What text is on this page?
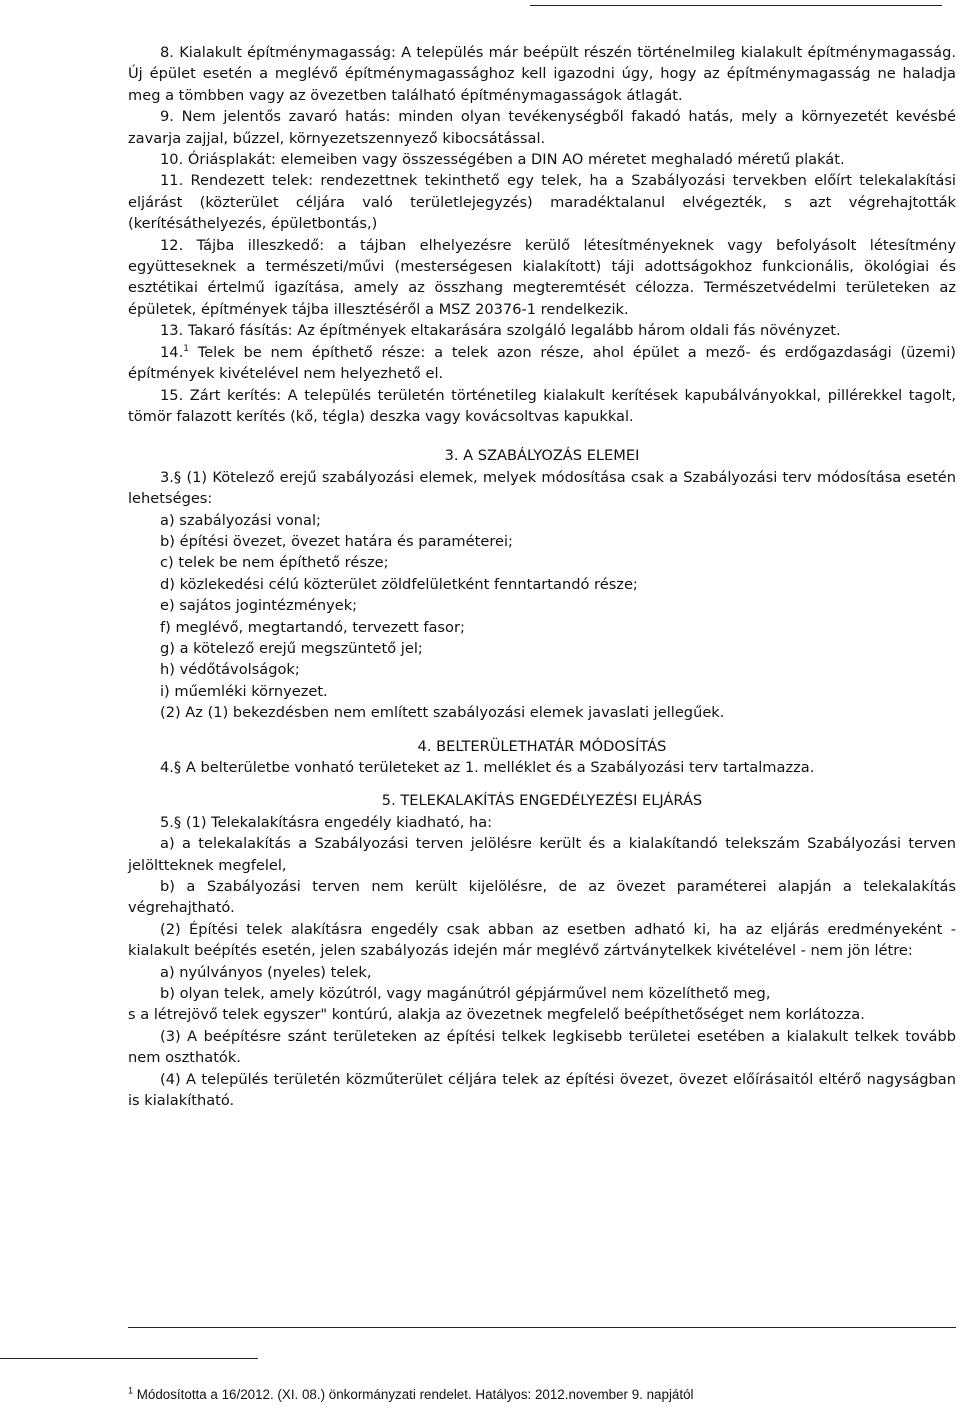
8. Kialakult építménymagasság: A település már beépült részén történelmileg kialakult építménymagasság. Új épület esetén a meglévő építménymagassághoz kell igazodni úgy, hogy az építménymagasság ne haladja meg a tömbben vagy az övezetben található építménymagasságok átlagát.

9. Nem jelentős zavaró hatás: minden olyan tevékenységből fakadó hatás, mely a környezetét kevésbé zavarja zajjal, bűzzel, környezetszennyező kibocsátással.

10. Óriásplakát: elemeiben vagy összességében a DIN AO méretet meghaladó méretű plakát.

11. Rendezett telek: rendezettnek tekinthető egy telek, ha a Szabályozási tervekben előírt telekalakítási eljárást (közterület céljára való területlejegyzés) maradéktalanul elvégezték, s azt végrehajtották (kerítésáthelyezés, épületbontás,)

12. Tájba illeszkedő: a tájban elhelyezésre kerülő létesítményeknek vagy befolyásolt létesítmény együtteseknek a természeti/művi (mesterségesen kialakított) táji adottságokhoz funkcionális, ökológiai és esztétikai értelmű igazítása, amely az összhang megteremtését célozza. Természetvédelmi területeken az épületek, építmények tájba illesztéséről a MSZ 20376-1 rendelkezik.

13. Takaró fásítás: Az építmények eltakarására szolgáló legalább három oldali fás növényzet.

14.$^1$ Telek be nem építhető része: a telek azon része, ahol épület a mező- és erdőgazdasági (üzemi) építmények kivételével nem helyezhető el.

15. Zárt kerítés: A település területén történetileg kialakult kerítések kapubálványokkal, pillérekkel tagolt, tömör falazott kerítés (kő, tégla) deszka vagy kovácsoltvas kapukkal.

3. A SZABÁLYOZÁS ELEMEI

3.§ (1) Kötelező erejű szabályozási elemek, melyek módosítása csak a Szabályozási terv módosítása esetén lehetséges:

a) szabályozási vonal;

b) építési övezet, övezet határa és paraméterei;

c) telek be nem építhető része;

d) közlekedési célú közterület zöldfelületként fenntartandó része;

e) sajátos jogintézmények;

f) meglévő, megtartandó, tervezett fasor;

g) a kötelező erejű megszüntető jel;

h) védőtávolságok;

i) műemléki környezet.

(2) Az (1) bekezdésben nem említett szabályozási elemek javaslati jellegűek.

4. BELTERÜLETHATÁR MÓDOSÍTÁS

4.§ A belterületbe vonható területeket az 1. melléklet és a Szabályozási terv tartalmazza.

5. TELEKALAKÍTÁS ENGEDÉLYEZÉSI ELJÁRÁS

5.§ (1) Telekalakításra engedély kiadható, ha:

a) a telekalakítás a Szabályozási terven jelölésre került és a kialakítandó telekszám Szabályozási terven jelöltteknek megfelel,

b) a Szabályozási terven nem került kijelölésre, de az övezet paraméterei alapján a telekalakítás végrehajtható.

(2) Építési telek alakításra engedély csak abban az esetben adható ki, ha az eljárás eredményeként - kialakult beépítés esetén, jelen szabályozás idején már meglévő zártványtelkek kivételével - nem jön létre:

a) nyúlványos (nyeles) telek,

b) olyan telek, amely közútról, vagy magánútról gépjárművel nem közelíthető meg,

s a létrejövő telek egyszer" kontúrú, alakja az övezetnek megfelelő beépíthetőséget nem korlátozza.

(3) A beépítésre szánt területeken az építési telkek legkisebb területei esetében a kialakult telkek tovább nem oszthatók.

(4) A település területén közműterület céljára telek az építési övezet, övezet előírásaitól eltérő nagyságban is kialakítható.

$^1$ Módosította a 16/2012. (XI. 08.) önkormányzati rendelet. Hatályos: 2012.november 9. napjától
